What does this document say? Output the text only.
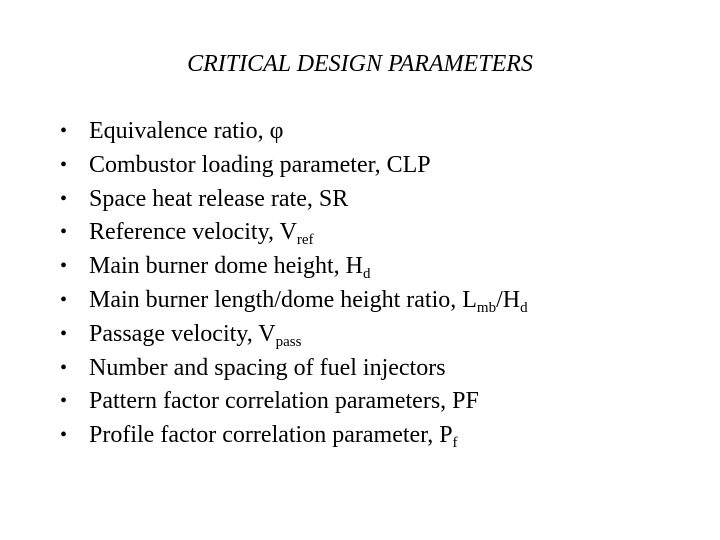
CRITICAL DESIGN PARAMETERS
• Equivalence ratio, φ
• Combustor loading parameter, CLP
• Space heat release rate, SR
• Reference velocity, $V_{ref}$
• Main burner dome height, $H_d$
• Main burner length/dome height ratio, $L_{mb}/H_d$
• Passage velocity, $V_{pass}$
• Number and spacing of fuel injectors
• Pattern factor correlation parameters, PF
• Profile factor correlation parameter, $P_f$
